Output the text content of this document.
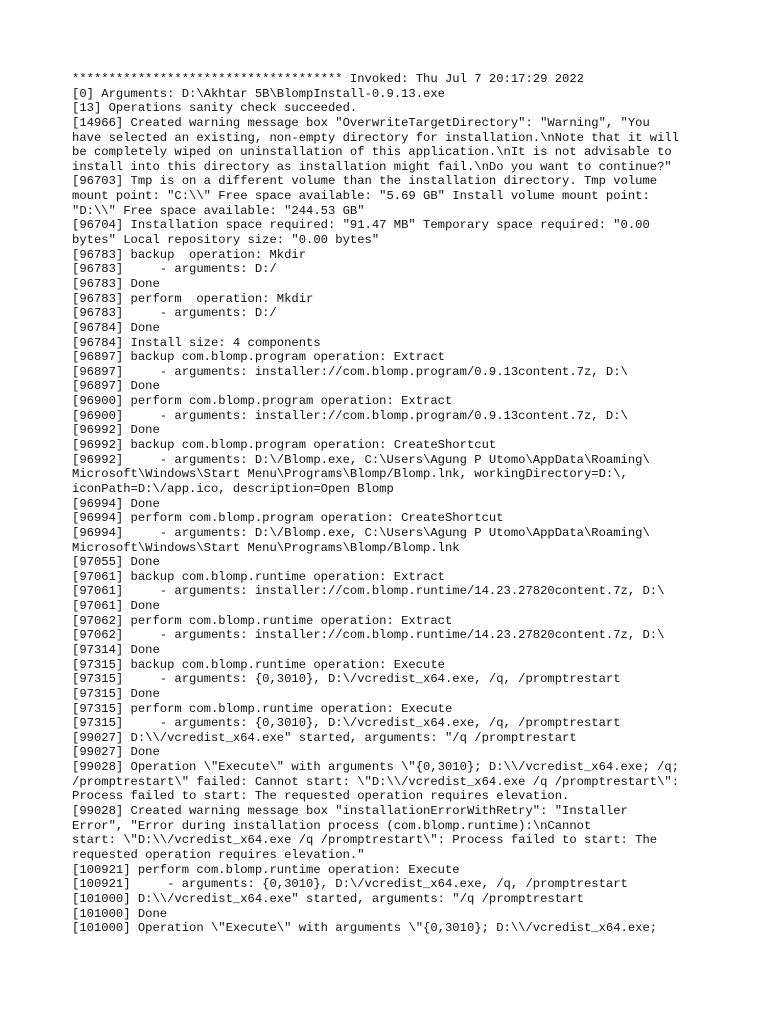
************************************* Invoked: Thu Jul 7 20:17:29 2022
[0] Arguments: D:\Akhtar 5B\BlompInstall-0.9.13.exe
[13] Operations sanity check succeeded.
[14966] Created warning message box "OverwriteTargetDirectory": "Warning", "You
have selected an existing, non-empty directory for installation.\nNote that it will
be completely wiped on uninstallation of this application.\nIt is not advisable to
install into this directory as installation might fail.\nDo you want to continue?"
[96703] Tmp is on a different volume than the installation directory. Tmp volume
mount point: "C:\\" Free space available: "5.69 GB" Install volume mount point:
"D:\\" Free space available: "244.53 GB"
[96704] Installation space required: "91.47 MB" Temporary space required: "0.00
bytes" Local repository size: "0.00 bytes"
[96783] backup  operation: Mkdir
[96783]     - arguments: D:/
[96783] Done
[96783] perform  operation: Mkdir
[96783]     - arguments: D:/
[96784] Done
[96784] Install size: 4 components
[96897] backup com.blomp.program operation: Extract
[96897]     - arguments: installer://com.blomp.program/0.9.13content.7z, D:\
[96897] Done
[96900] perform com.blomp.program operation: Extract
[96900]     - arguments: installer://com.blomp.program/0.9.13content.7z, D:\
[96992] Done
[96992] backup com.blomp.program operation: CreateShortcut
[96992]     - arguments: D:\/Blomp.exe, C:\Users\Agung P Utomo\AppData\Roaming\
Microsoft\Windows\Start Menu\Programs\Blomp/Blomp.lnk, workingDirectory=D:\,
iconPath=D:\/app.ico, description=Open Blomp
[96994] Done
[96994] perform com.blomp.program operation: CreateShortcut
[96994]     - arguments: D:\/Blomp.exe, C:\Users\Agung P Utomo\AppData\Roaming\
Microsoft\Windows\Start Menu\Programs\Blomp/Blomp.lnk
[97055] Done
[97061] backup com.blomp.runtime operation: Extract
[97061]     - arguments: installer://com.blomp.runtime/14.23.27820content.7z, D:\
[97061] Done
[97062] perform com.blomp.runtime operation: Extract
[97062]     - arguments: installer://com.blomp.runtime/14.23.27820content.7z, D:\
[97314] Done
[97315] backup com.blomp.runtime operation: Execute
[97315]     - arguments: {0,3010}, D:\/vcredist_x64.exe, /q, /promptrestart
[97315] Done
[97315] perform com.blomp.runtime operation: Execute
[97315]     - arguments: {0,3010}, D:\/vcredist_x64.exe, /q, /promptrestart
[99027] D:\\/vcredist_x64.exe" started, arguments: "/q /promptrestart
[99027] Done
[99028] Operation \"Execute\" with arguments \"{0,3010}; D:\\/vcredist_x64.exe; /q;
/promptrestart\" failed: Cannot start: \"D:\\/vcredist_x64.exe /q /promptrestart\":
Process failed to start: The requested operation requires elevation.
[99028] Created warning message box "installationErrorWithRetry": "Installer
Error", "Error during installation process (com.blomp.runtime):\nCannot
start: \"D:\\/vcredist_x64.exe /q /promptrestart\": Process failed to start: The
requested operation requires elevation."
[100921] perform com.blomp.runtime operation: Execute
[100921]     - arguments: {0,3010}, D:\/vcredist_x64.exe, /q, /promptrestart
[101000] D:\\/vcredist_x64.exe" started, arguments: "/q /promptrestart
[101000] Done
[101000] Operation \"Execute\" with arguments \"{0,3010}; D:\\/vcredist_x64.exe;
